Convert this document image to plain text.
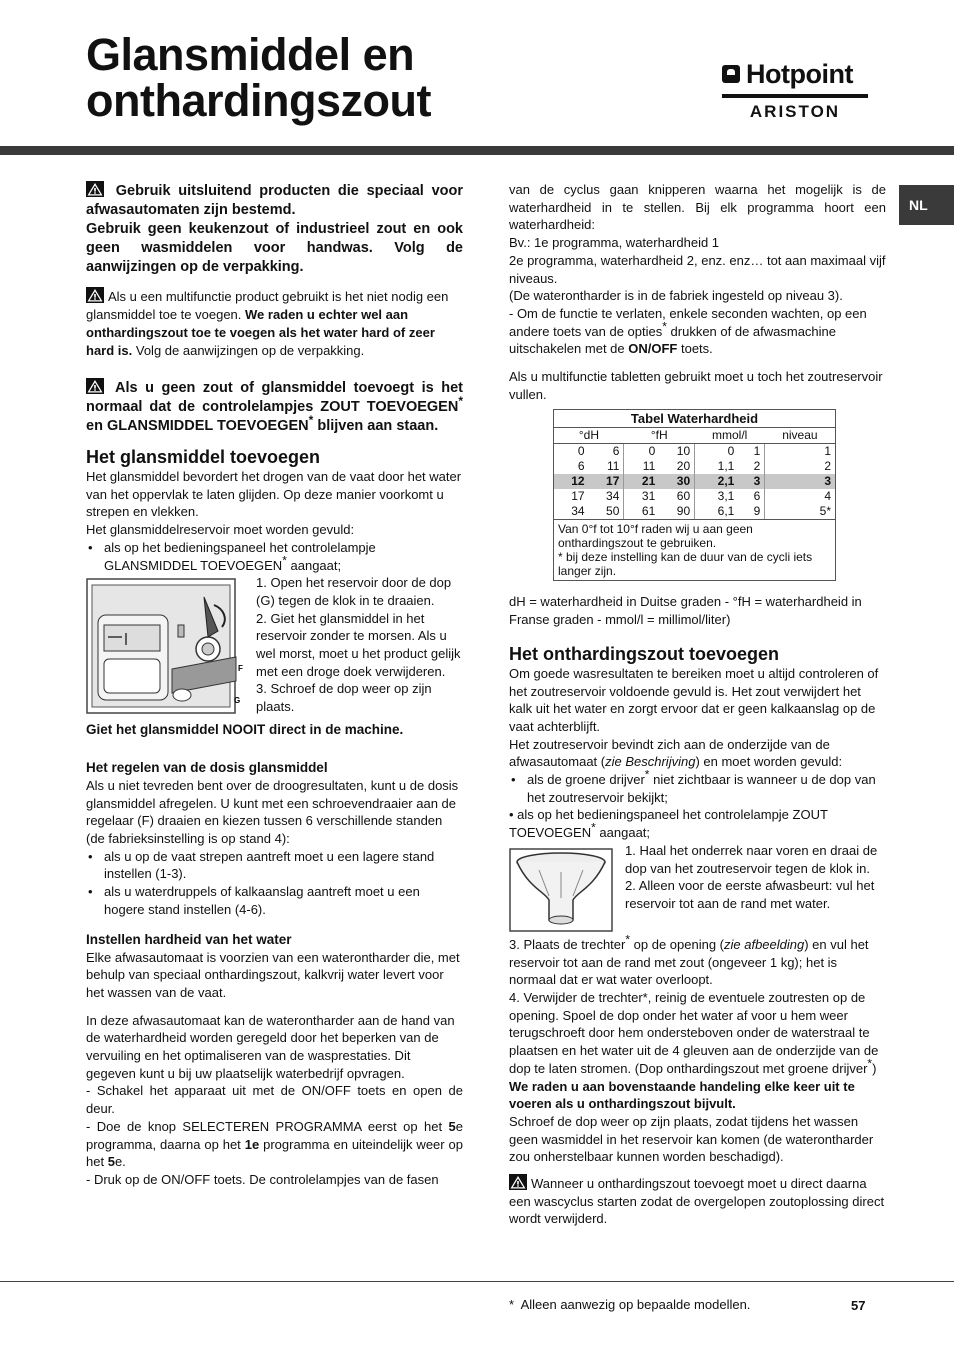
Glansmiddel en
onthardingszout
Hotpoint
ARISTON
NL

Gebruik uitsluitend producten die speciaal voor afwasautomaten zijn bestemd.
Gebruik geen keukenzout of industrieel zout en ook geen wasmiddelen voor handwas. Volg de aanwijzingen op de verpakking.

Als u een multifunctie product gebruikt is het niet nodig een glansmiddel toe te voegen. We raden u echter wel aan onthardingszout toe te voegen als het water hard of zeer hard is. Volg de aanwijzingen op de verpakking.

Als u geen zout of glansmiddel toevoegt is het normaal dat de controlelampjes ZOUT TOEVOEGEN* en GLANSMIDDEL TOEVOEGEN* blijven aan staan.

Het glansmiddel toevoegen

Het glansmiddel bevordert het drogen van de vaat door het water van het oppervlak te laten glijden. Op deze manier voorkomt u strepen en vlekken.

Het glansmiddelreservoir moet worden gevuld:

• als op het bedieningspaneel het controlelampje GLANSMIDDEL TOEVOEGEN* aangaat;
F
G

1. Open het reservoir door de dop (G) tegen de klok in te draaien.

2. Giet het glansmiddel in het reservoir zonder te morsen. Als u wel morst, moet u het product gelijk met een droge doek verwijderen.

3. Schroef de dop weer op zijn plaats.

Giet het glansmiddel NOOIT direct in de machine.

Het regelen van de dosis glansmiddel

Als u niet tevreden bent over de droogresultaten, kunt u de dosis glansmiddel afregelen. U kunt met een schroevendraaier aan de regelaar (F) draaien en kiezen tussen 6 verschillende standen (de fabrieksinstelling is op stand 4):

• als u op de vaat strepen aantreft moet u een lagere stand instellen (1-3).
• als u waterdruppels of kalkaanslag aantreft moet u een hogere stand instellen (4-6).
Instellen hardheid van het water

Elke afwasautomaat is voorzien van een waterontharder die, met behulp van speciaal onthardingszout, kalkvrij water levert voor het wassen van de vaat.

In deze afwasautomaat kan de waterontharder aan de hand van de waterhardheid worden geregeld door het beperken van de vervuiling en het optimaliseren van de wasprestaties. Dit gegeven kunt u bij uw plaatselijk waterbedrijf opvragen.

- Schakel het apparaat uit met de ON/OFF toets en open de deur.

- Doe de knop SELECTEREN PROGRAMMA eerst op het 5e programma, daarna op het 1e programma en uiteindelijk weer op het 5e.

- Druk op de ON/OFF toets. De controlelampjes van de fasen

van de cyclus gaan knipperen waarna het mogelijk is de waterhardheid in te stellen. Bij elk programma hoort een waterhardheid:

Bv.: 1e programma, waterhardheid 1

2e programma, waterhardheid 2, enz. enz… tot aan maximaal vijf niveaus.

(De waterontharder is in de fabriek ingesteld op niveau 3).

- Om de functie te verlaten, enkele seconden wachten, op een andere toets van de opties* drukken of de afwasmachine uitschakelen met de ON/OFF toets.

Als u multifunctie tabletten gebruikt moet u toch het zoutreservoir vullen.

Tabel Waterhardheid
°dH		°fH		mmol/l		niveau
0	6	0	10	0	1	1
6	11	11	20	1,1	2	2
12	17	21	30	2,1	3	3
17	34	31	60	3,1	6	4
34	50	61	90	6,1	9	5*
Van 0°f tot 10°f raden wij u aan geen onthardingszout te gebruiken.
* bij deze instelling kan de duur van de cycli iets langer zijn.

dH = waterhardheid in Duitse graden - °fH = waterhardheid in Franse graden - mmol/l = millimol/liter)

Het onthardingszout toevoegen

Om goede wasresultaten te bereiken moet u altijd controleren of het zoutreservoir voldoende gevuld is. Het zout verwijdert het kalk uit het water en zorgt ervoor dat er geen kalkaanslag op de vaat achterblijft.

Het zoutreservoir bevindt zich aan de onderzijde van de afwasautomaat (zie Beschrijving) en moet worden gevuld:

• als de groene drijver* niet zichtbaar is wanneer u de dop van het zoutreservoir bekijkt;

• als op het bedieningspaneel het controlelampje ZOUT TOEVOEGEN* aangaat;

1. Haal het onderrek naar voren en draai de dop van het zoutreservoir tegen de klok in.

2. Alleen voor de eerste afwasbeurt: vul het reservoir tot aan de rand met water.

3. Plaats de trechter* op de opening (zie afbeelding) en vul het reservoir tot aan de rand met zout (ongeveer 1 kg); het is normaal dat er wat water overloopt.

4. Verwijder de trechter*, reinig de eventuele zoutresten op de opening. Spoel de dop onder het water af voor u hem weer terugschroeft door hem ondersteboven onder de waterstraal te plaatsen en het water uit de 4 gleuven aan de onderzijde van de dop te laten stromen. (Dop onthardingszout met groene drijver*)

We raden u aan bovenstaande handeling elke keer uit te voeren als u onthardingszout bijvult.

Schroef de dop weer op zijn plaats, zodat tijdens het wassen geen wasmiddel in het reservoir kan komen (de waterontharder zou onherstelbaar kunnen worden beschadigd).

Wanneer u onthardingszout toevoegt moet u direct daarna een wascyclus starten zodat de overgelopen zoutoplossing direct wordt verwijderd.

* Alleen aanwezig op bepaalde modellen.	57
